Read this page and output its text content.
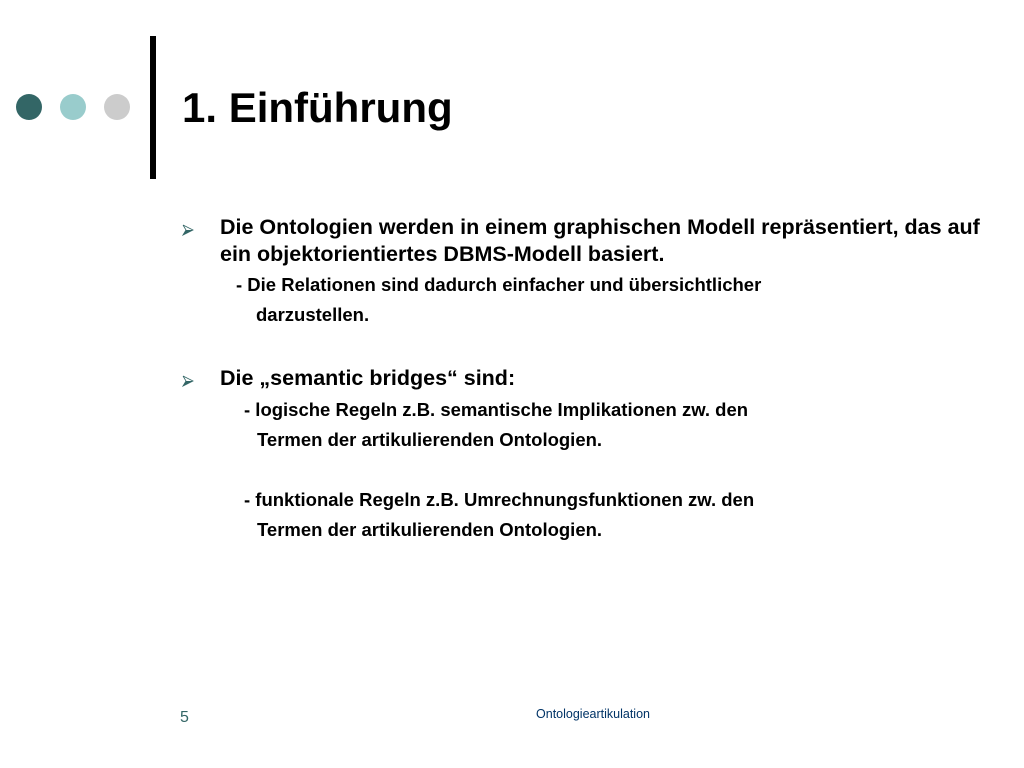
1. Einführung
Die Ontologien werden in einem graphischen Modell repräsentiert, das auf ein objektorientiertes DBMS-Modell basiert.
- Die Relationen sind dadurch einfacher und übersichtlicher
darzustellen.
Die „semantic bridges“ sind:
- logische Regeln z.B. semantische Implikationen zw. den
Termen der artikulierenden Ontologien.
- funktionale Regeln z.B. Umrechnungsfunktionen zw. den
Termen der artikulierenden Ontologien.
5	Ontologieartikulation
